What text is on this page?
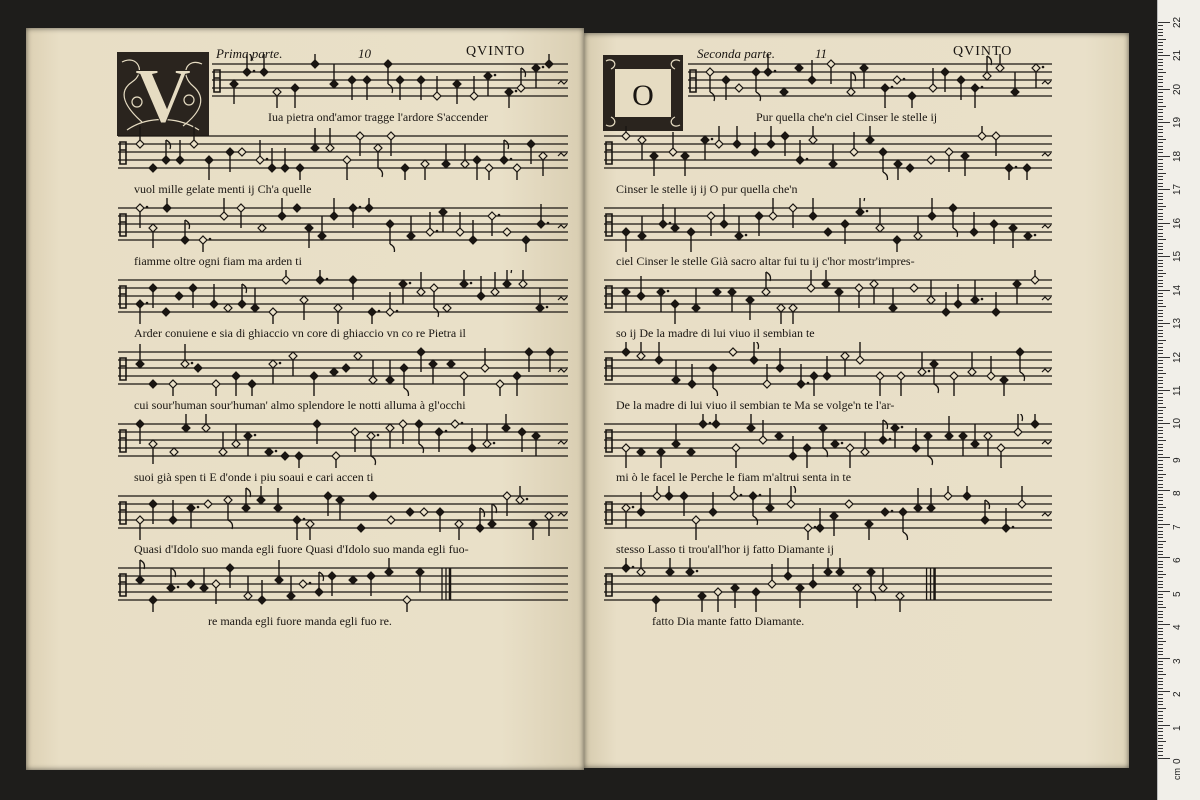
V Prima parte.	10	QVINTO
O
Seconda parte.	11	QVINTO
Iua pietra ond'amor tragge l'ardore S'accender
vuol mille gelate menti ij Ch'a quelle
fiamme oltre ogni fiam ma arden ti
Arder conuiene e sia di ghiaccio vn core di ghiaccio vn co re Pietra il
cui sour'human sour'human' almo splendore le notti alluma à gl'occhi
suoi già spen ti E d'onde i piu soaui e cari accen ti
Quasi d'Idolo suo manda egli fuore Quasi d'Idolo suo manda egli fuo-
re manda egli fuore manda egli fuo re.
Pur quella che'n ciel Cinser le stelle ij
Cinser le stelle ij ij O pur quella che'n
ciel Cinser le stelle Già sacro altar fui tu ij c'hor mostr'impres-
so ij De la madre di lui viuo il sembian te
De la madre di lui viuo il sembian te Ma se volge'n te l'ar-
mi ò le facel le Perche le fiam m'altrui senta in te
stesso Lasso ti trou'all'hor ij fatto Diamante ij
fatto Dia mante fatto Diamante.
cm
0
1
2
3
4
5
6
7
8
9
10
11
12
13
14
15
16
17
18
19
20
21
22
